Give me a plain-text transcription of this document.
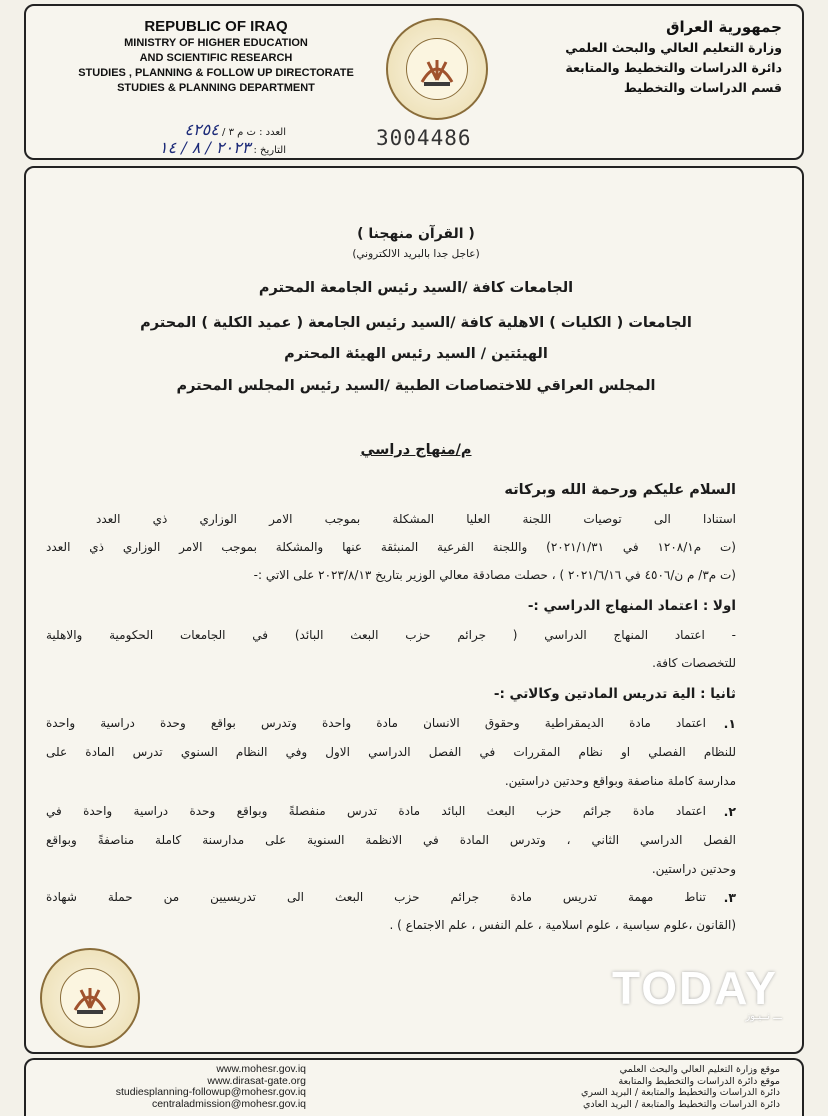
REPUBLIC OF IRAQ
MINISTRY OF HIGHER EDUCATION
AND SCIENTIFIC RESEARCH
STUDIES , PLANNING & FOLLOW UP DIRECTORATE
STUDIES & PLANNING DEPARTMENT
العدد : ت م ٣ / ٤٢٥٤
التاريخ : ٢٠٢٣ / ٨ / ١٤	3004486
جمهورية العراق
وزارة التعليم العالي والبحث العلمي
دائرة الدراسات والتخطيط والمتابعة
قسم الدراسات والتخطيط
( القرآن منهجنا )
(عاجل جدا بالبريد الالكتروني)
الجامعات كافة /السيد رئيس الجامعة المحترم
الجامعات ( الكليات ) الاهلية كافة /السيد رئيس الجامعة ( عميد الكلية ) المحترم
الهيئتين / السيد رئيس الهيئة المحترم
المجلس العراقي للاختصاصات الطبية /السيد رئيس المجلس المحترم
م/منهاج دراسي
السلام عليكم ورحمة الله وبركاته
استنادا الى توصيات اللجنة العليا المشكلة بموجب الامر الوزاري ذي العدد
(ت م١٢٠٨/١ في ٢٠٢١/١/٣١) واللجنة الفرعية المنبثقة عنها والمشكلة بموجب الامر الوزاري ذي العدد
(ت م٣/ م ن/٤٥٠٦ في ٢٠٢١/٦/١٦ ) ، حصلت مصادقة معالي الوزير بتاريخ ٢٠٢٣/٨/١٣ على الاتي :-
اولا : اعتماد المنهاج الدراسي :-
- اعتماد المنهاج الدراسي ( جرائم حزب البعث البائد) في الجامعات الحكومية والاهلية
للتخصصات كافة.
ثانيا : الية تدريس المادتين وكالاتي :-
١.
اعتماد مادة الديمقراطية وحقوق الانسان مادة واحدة وتدرس بواقع وحدة دراسية واحدة
للنظام الفصلي او نظام المقررات في الفصل الدراسي الاول وفي النظام السنوي تدرس المادة على
مدارسة كاملة مناصفة وبواقع وحدتين دراستين.
٢.
اعتماد مادة جرائم حزب البعث البائد مادة تدرس منفصلةً وبواقع وحدة دراسية واحدة في
الفصل الدراسي الثاني ، وتدرس المادة في الانظمة السنوية على مدارسنة كاملة مناصفةً وبواقع
وحدتين دراستين.
٣.
تناط مهمة تدريس مادة جرائم حزب البعث الى تدريسيين من حملة شهادة
(القانون ،علوم سياسية ، علوم اسلامية ، علم النفس ، علم الاجتماع ) .
TODAY
ـــ نــيـوز
www.mohesr.gov.iq
www.dirasat-gate.org
studiesplanning-followup@mohesr.gov.iq
centraladmission@mohesr.gov.iq
موقع وزارة التعليم العالي والبحث العلمي
موقع دائرة الدراسات والتخطيط والمتابعة
دائرة الدراسات والتخطيط والمتابعة / البريد السري
دائرة الدراسات والتخطيط والمتابعة / البريد العادي
